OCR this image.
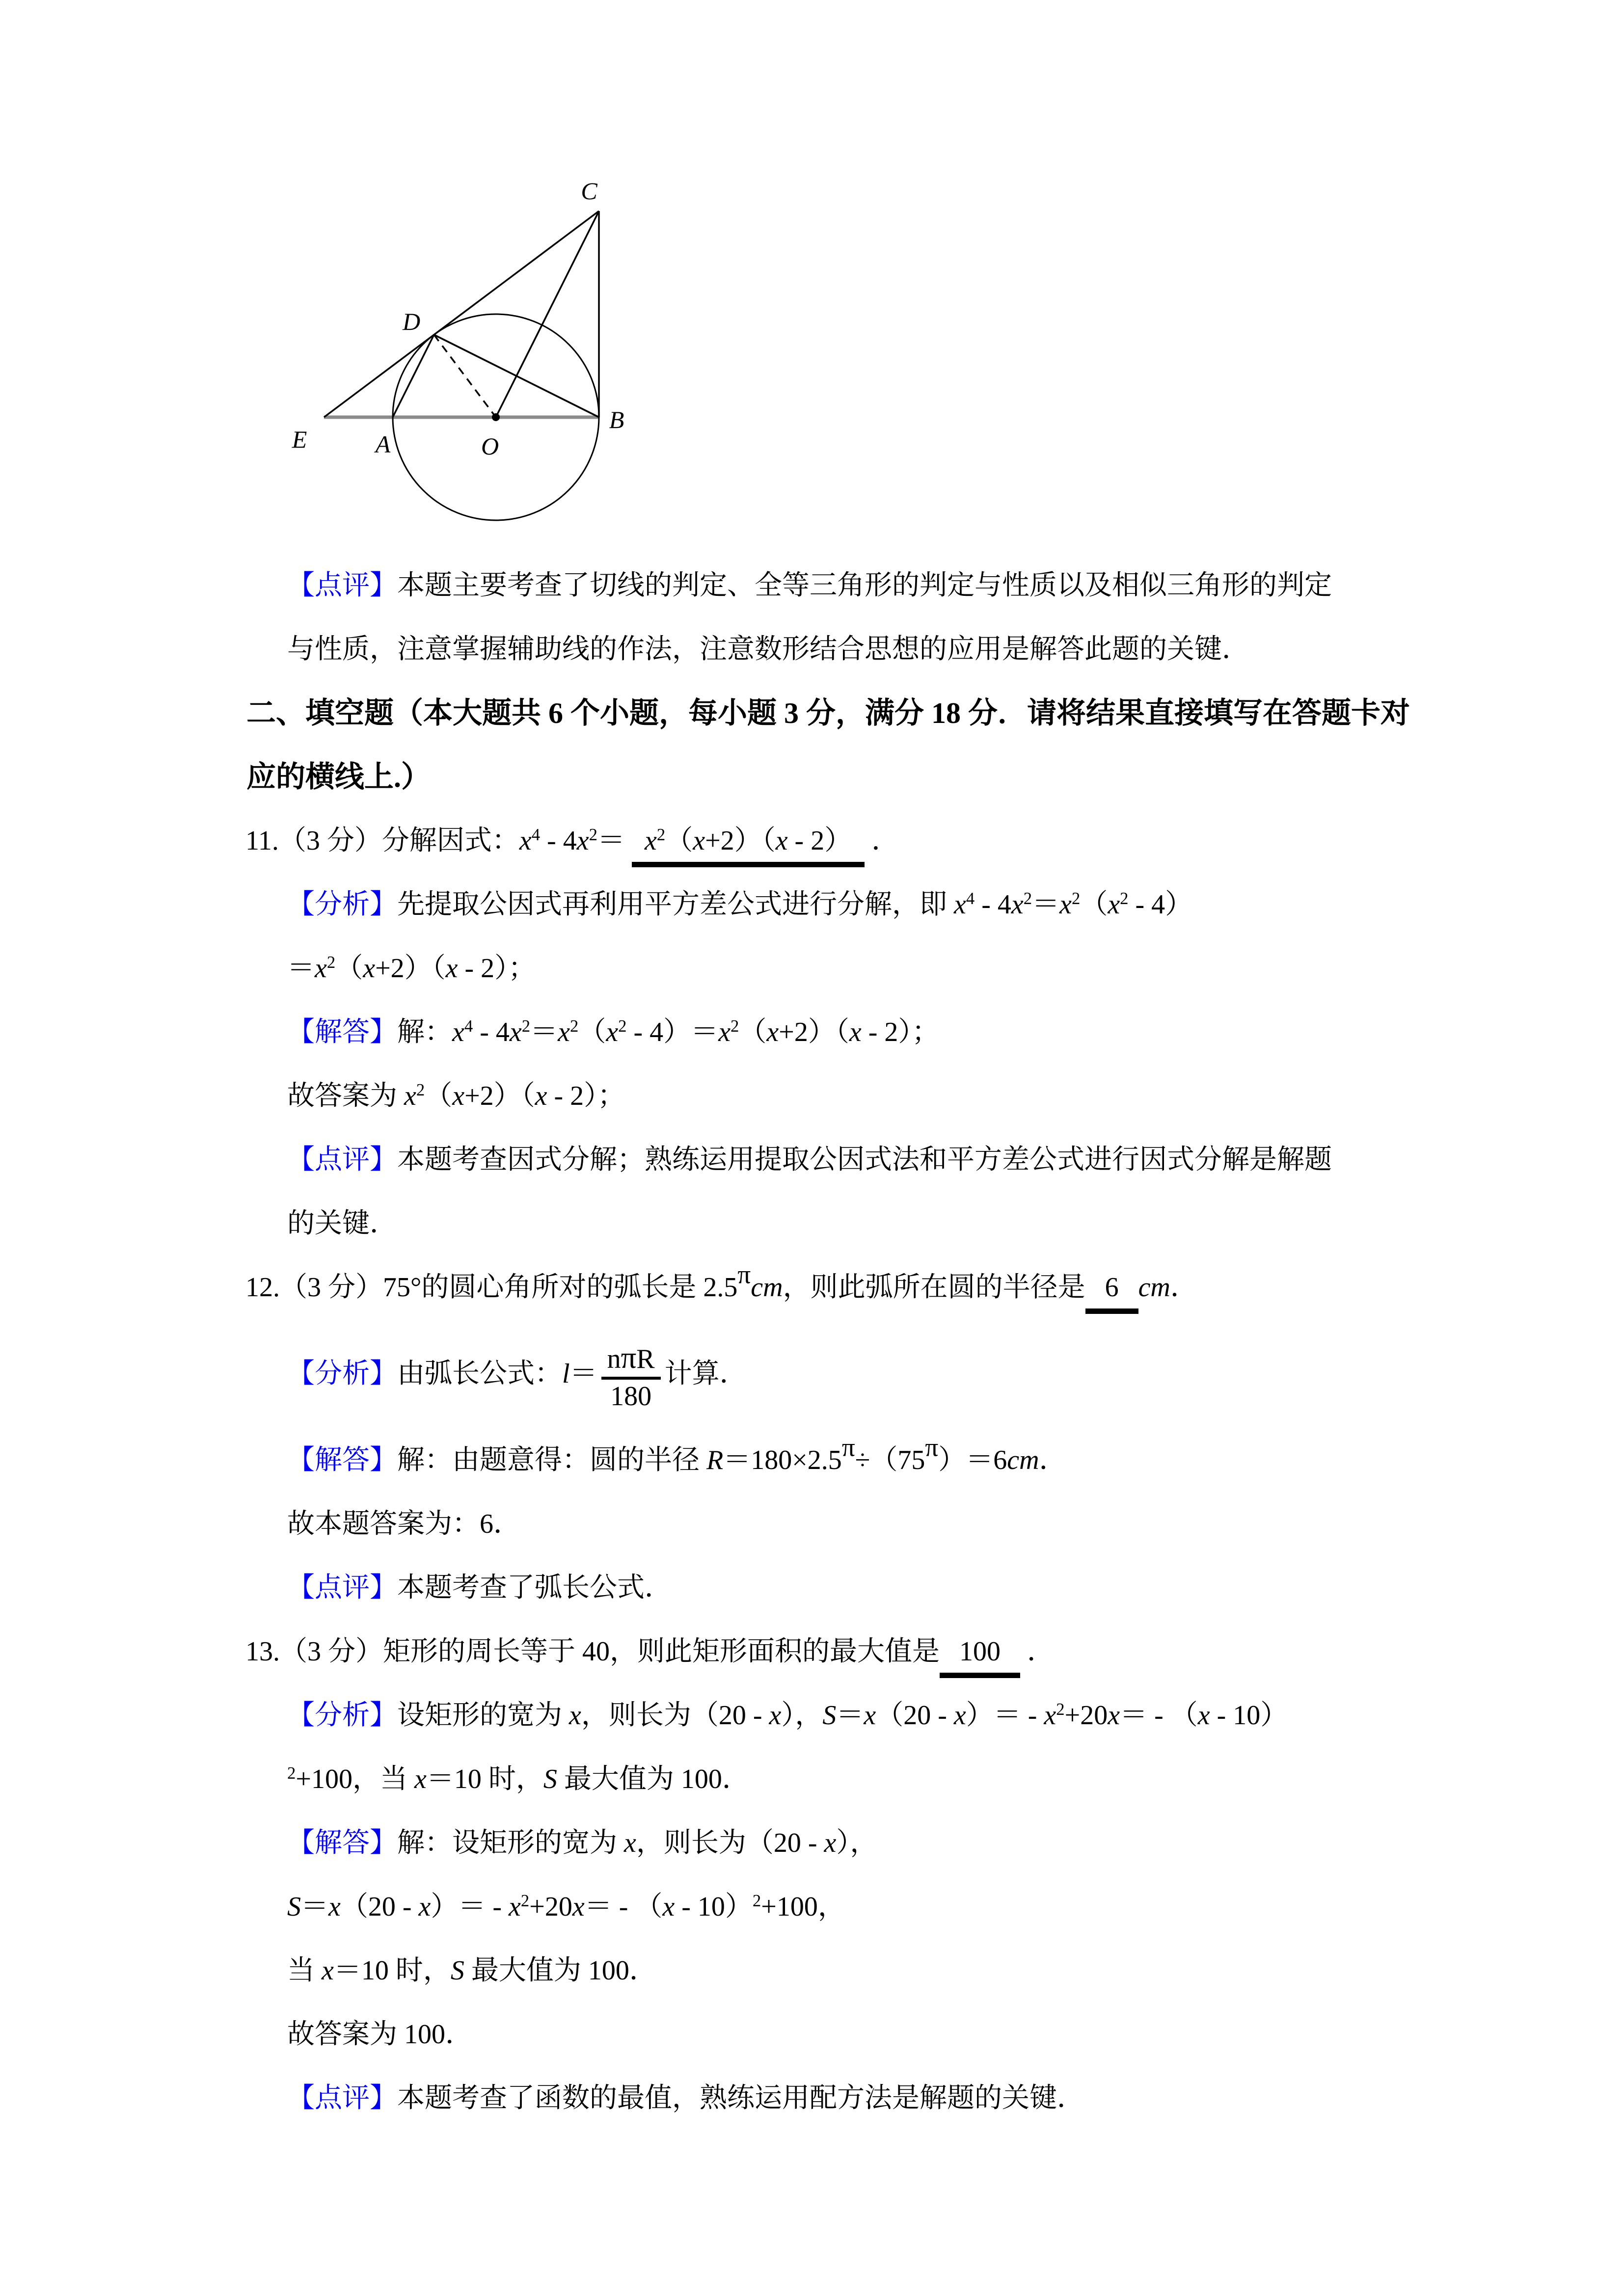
C
D
E	A	O
B
【点评】本题主要考查了切线的判定、全等三角形的判定与性质以及相似三角形的判定
与性质，注意掌握辅助线的作法，注意数形结合思想的应用是解答此题的关键．
二、填空题（本大题共 6 个小题，每小题 3 分，满分 18 分．请将结果直接填写在答题卡对
应的横线上.）
11.（3 分）分解因式：$x^4 - 4x^2= x^2(x+2)(x - 2)$ ．
【分析】先提取公因式再利用平方差公式进行分解，即 $x^4 - 4x^2=x^2(x^2 - 4)$
$=x^2(x+2)(x - 2)$；
【解答】解：$x^4 - 4x^2=x^2(x^2 - 4)=x^2(x+2)(x - 2)$；
故答案为 $x^2(x+2)(x - 2)$；
【点评】本题考查因式分解；熟练运用提取公因式法和平方差公式进行因式分解是解题
的关键．
12.（3 分）75°的圆心角所对的弧长是 2.5πcm，则此弧所在圆的半径是 6 cm．
【分析】由弧长公式：$l= \frac{\text{nπR}}{180}$ 计算．
【解答】解：由题意得：圆的半径 R＝180×2.5π÷（75π）＝6cm．
故本题答案为：6．
【点评】本题考查了弧长公式．
13.（3 分）矩形的周长等于 40，则此矩形面积的最大值是 100  ．
【分析】设矩形的宽为 x，则长为（20 - x），$S=x(20 - x)= - x^2+20x= - (x - 10)$
$^2$+100，当 x＝10 时，S 最大值为 100．
【解答】解：设矩形的宽为 x，则长为（20 - x），
$S=x(20 - x)= - x^2+20x= - (x - 10)^2+100$，
当 x＝10 时，S 最大值为 100．
故答案为 100．
【点评】本题考查了函数的最值，熟练运用配方法是解题的关键．
